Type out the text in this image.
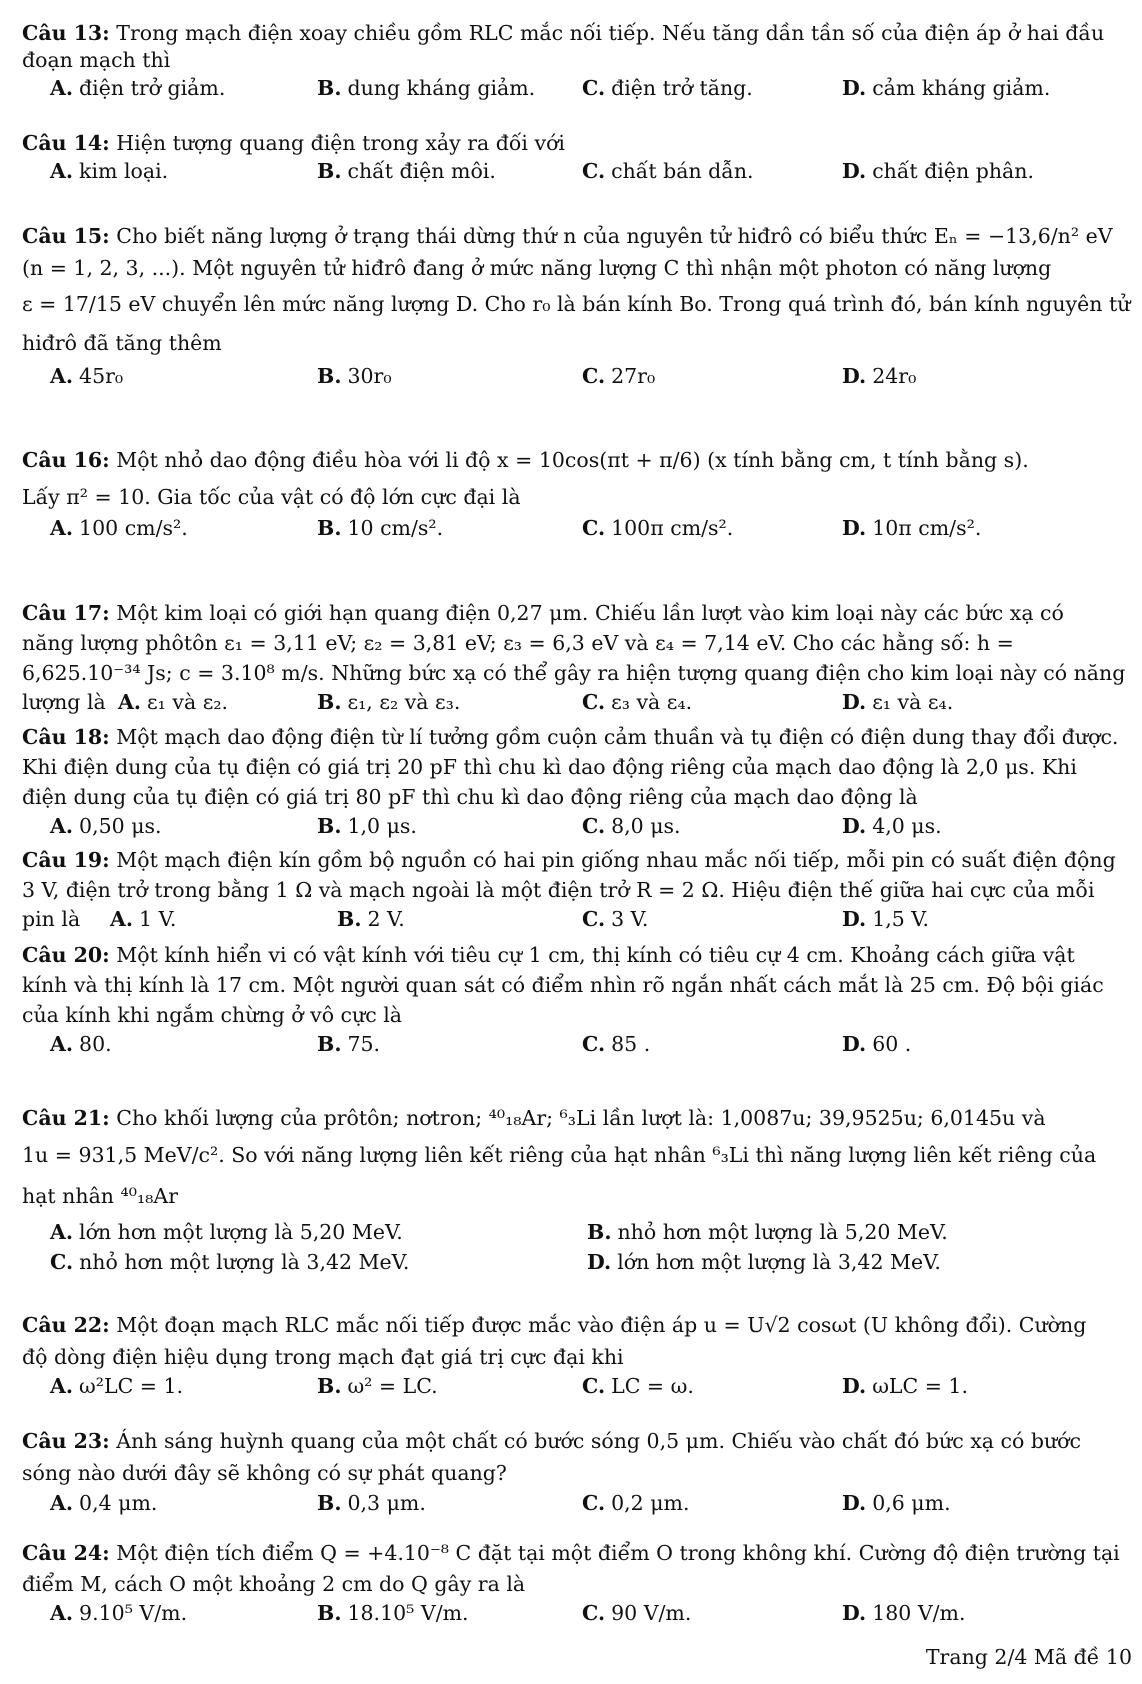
Câu 13: Trong mạch điện xoay chiều gồm RLC mắc nối tiếp. Nếu tăng dần tần số của điện áp ở hai đầu
đoạn mạch thì
A. điện trở giảm.	B. dung kháng giảm. C. điện trở tăng.	D. cảm kháng giảm.
Câu 14: Hiện tượng quang điện trong xảy ra đối với
A. kim loại.	B. chất điện môi.	C. chất bán dẫn.	D. chất điện phân.
Câu 15: Cho biết năng lượng ở trạng thái dừng thứ n của nguyên tử hiđrô có biểu thức Eₙ = −13,6/n² eV
(n = 1, 2, 3, ...). Một nguyên tử hiđrô đang ở mức năng lượng C thì nhận một photon có năng lượng
ε = 17/15 eV chuyển lên mức năng lượng D. Cho r₀ là bán kính Bo. Trong quá trình đó, bán kính nguyên tử
hiđrô đã tăng thêm
A. 45r₀	B. 30r₀	C. 27r₀	D. 24r₀
Câu 16: Một nhỏ dao động điều hòa với li độ x = 10cos(πt + π/6) (x tính bằng cm, t tính bằng s).
Lấy π² = 10. Gia tốc của vật có độ lớn cực đại là
A. 100 cm/s².	B. 10 cm/s².	C. 100π cm/s².	D. 10π cm/s².
Câu 17: Một kim loại có giới hạn quang điện 0,27 μm. Chiếu lần lượt vào kim loại này các bức xạ có
năng lượng phôtôn ε₁ = 3,11 eV; ε₂ = 3,81 eV; ε₃ = 6,3 eV và ε₄ = 7,14 eV. Cho các hằng số: h =
6,625.10⁻³⁴ Js; c = 3.10⁸ m/s. Những bức xạ có thể gây ra hiện tượng quang điện cho kim loại này có năng
lượng là A. ε₁ và ε₂.	B. ε₁, ε₂ và ε₃.	C. ε₃ và ε₄.	D. ε₁ và ε₄.
Câu 18: Một mạch dao động điện từ lí tưởng gồm cuộn cảm thuần và tụ điện có điện dung thay đổi được.
Khi điện dung của tụ điện có giá trị 20 pF thì chu kì dao động riêng của mạch dao động là 2,0 μs. Khi
điện dung của tụ điện có giá trị 80 pF thì chu kì dao động riêng của mạch dao động là
A. 0,50 μs.	B. 1,0 μs.	C. 8,0 μs.	D. 4,0 μs.
Câu 19: Một mạch điện kín gồm bộ nguồn có hai pin giống nhau mắc nối tiếp, mỗi pin có suất điện động
3 V, điện trở trong bằng 1 Ω và mạch ngoài là một điện trở R = 2 Ω. Hiệu điện thế giữa hai cực của mỗi
pin là A. 1 V.	B. 2 V.	C. 3 V.	D. 1,5 V.
Câu 20: Một kính hiển vi có vật kính với tiêu cự 1 cm, thị kính có tiêu cự 4 cm. Khoảng cách giữa vật
kính và thị kính là 17 cm. Một người quan sát có điểm nhìn rõ ngắn nhất cách mắt là 25 cm. Độ bội giác
của kính khi ngắm chừng ở vô cực là
A. 80.	B. 75.	C. 85 .	D. 60 .
Câu 21: Cho khối lượng của prôtôn; nơtron; ⁴⁰₁₈Ar; ⁶₃Li lần lượt là: 1,0087u; 39,9525u; 6,0145u và
1u = 931,5 MeV/c². So với năng lượng liên kết riêng của hạt nhân ⁶₃Li thì năng lượng liên kết riêng của
hạt nhân ⁴⁰₁₈Ar
A. lớn hơn một lượng là 5,20 MeV.	B. nhỏ hơn một lượng là 5,20 MeV.
C. nhỏ hơn một lượng là 3,42 MeV.	D. lớn hơn một lượng là 3,42 MeV.
Câu 22: Một đoạn mạch RLC mắc nối tiếp được mắc vào điện áp u = U√2 cosωt (U không đổi). Cường
độ dòng điện hiệu dụng trong mạch đạt giá trị cực đại khi
A. ω²LC = 1.	B. ω² = LC.	C. LC = ω.	D. ωLC = 1.
Câu 23: Ánh sáng huỳnh quang của một chất có bước sóng 0,5 μm. Chiếu vào chất đó bức xạ có bước
sóng nào dưới đây sẽ không có sự phát quang?
A. 0,4 μm.	B. 0,3 μm.	C. 0,2 μm.	D. 0,6 μm.
Câu 24: Một điện tích điểm Q = +4.10⁻⁸ C đặt tại một điểm O trong không khí. Cường độ điện trường tại
điểm M, cách O một khoảng 2 cm do Q gây ra là
A. 9.10⁵ V/m.	B. 18.10⁵ V/m.	C. 90 V/m.	D. 180 V/m.
Trang 2/4 Mã đề 10
